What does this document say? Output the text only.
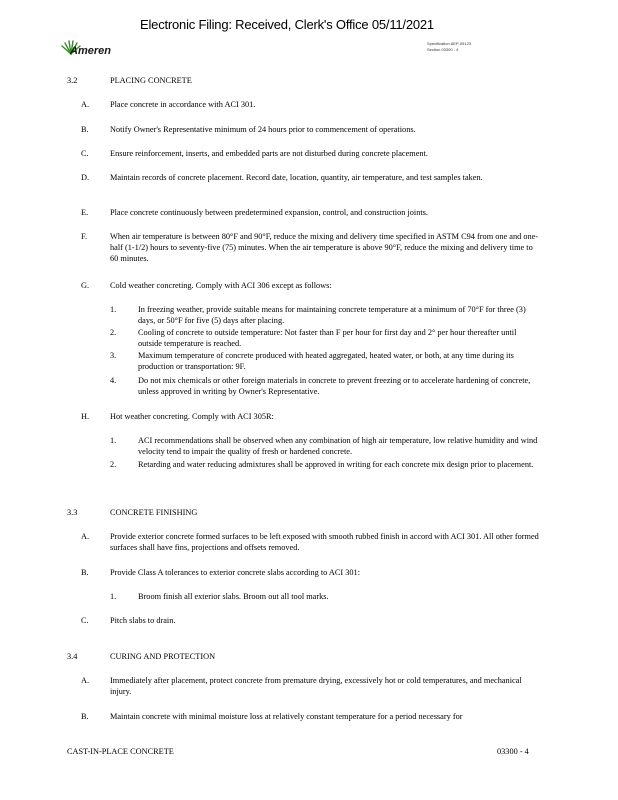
Electronic Filing: Received, Clerk's Office 05/11/2021
Ameren
Specification AEP-05123
Section 03300 - 4
3.2	PLACING CONCRETE
A.	Place concrete in accordance with ACI 301.
B.	Notify Owner's Representative minimum of 24 hours prior to commencement of operations.
C.	Ensure reinforcement, inserts, and embedded parts are not disturbed during concrete placement.
D.	Maintain records of concrete placement. Record date, location, quantity, air temperature, and test samples taken.
E.	Place concrete continuously between predetermined expansion, control, and construction joints.
F.	When air temperature is between 80°F and 90°F, reduce the mixing and delivery time specified in ASTM C94 from one and one-half (1-1/2) hours to seventy-five (75) minutes. When the air temperature is above 90°F, reduce the mixing and delivery time to 60 minutes.
G.	Cold weather concreting. Comply with ACI 306 except as follows:
1.	In freezing weather, provide suitable means for maintaining concrete temperature at a minimum of 70°F for three (3) days, or 50°F for five (5) days after placing.
2.	Cooling of concrete to outside temperature: Not faster than F per hour for first day and 2° per hour thereafter until outside temperature is reached.
3.	Maximum temperature of concrete produced with heated aggregated, heated water, or both, at any time during its production or transportation: 9F.
4.	Do not mix chemicals or other foreign materials in concrete to prevent freezing or to accelerate hardening of concrete, unless approved in writing by Owner's Representative.
H.	Hot weather concreting. Comply with ACI 305R:
1.	ACI recommendations shall be observed when any combination of high air temperature, low relative humidity and wind velocity tend to impair the quality of fresh or hardened concrete.
2.	Retarding and water reducing admixtures shall be approved in writing for each concrete mix design prior to placement.
3.3	CONCRETE FINISHING
A.	Provide exterior concrete formed surfaces to be left exposed with smooth rubbed finish in accord with ACI 301. All other formed surfaces shall have fins, projections and offsets removed.
B.	Provide Class A tolerances to exterior concrete slabs according to ACI 301:
1.	Broom finish all exterior slabs. Broom out all tool marks.
C.	Pitch slabs to drain.
3.4	CURING AND PROTECTION
A.	Immediately after placement, protect concrete from premature drying, excessively hot or cold temperatures, and mechanical injury.
B.	Maintain concrete with minimal moisture loss at relatively constant temperature for a period necessary for
CAST-IN-PLACE CONCRETE	03300 - 4
